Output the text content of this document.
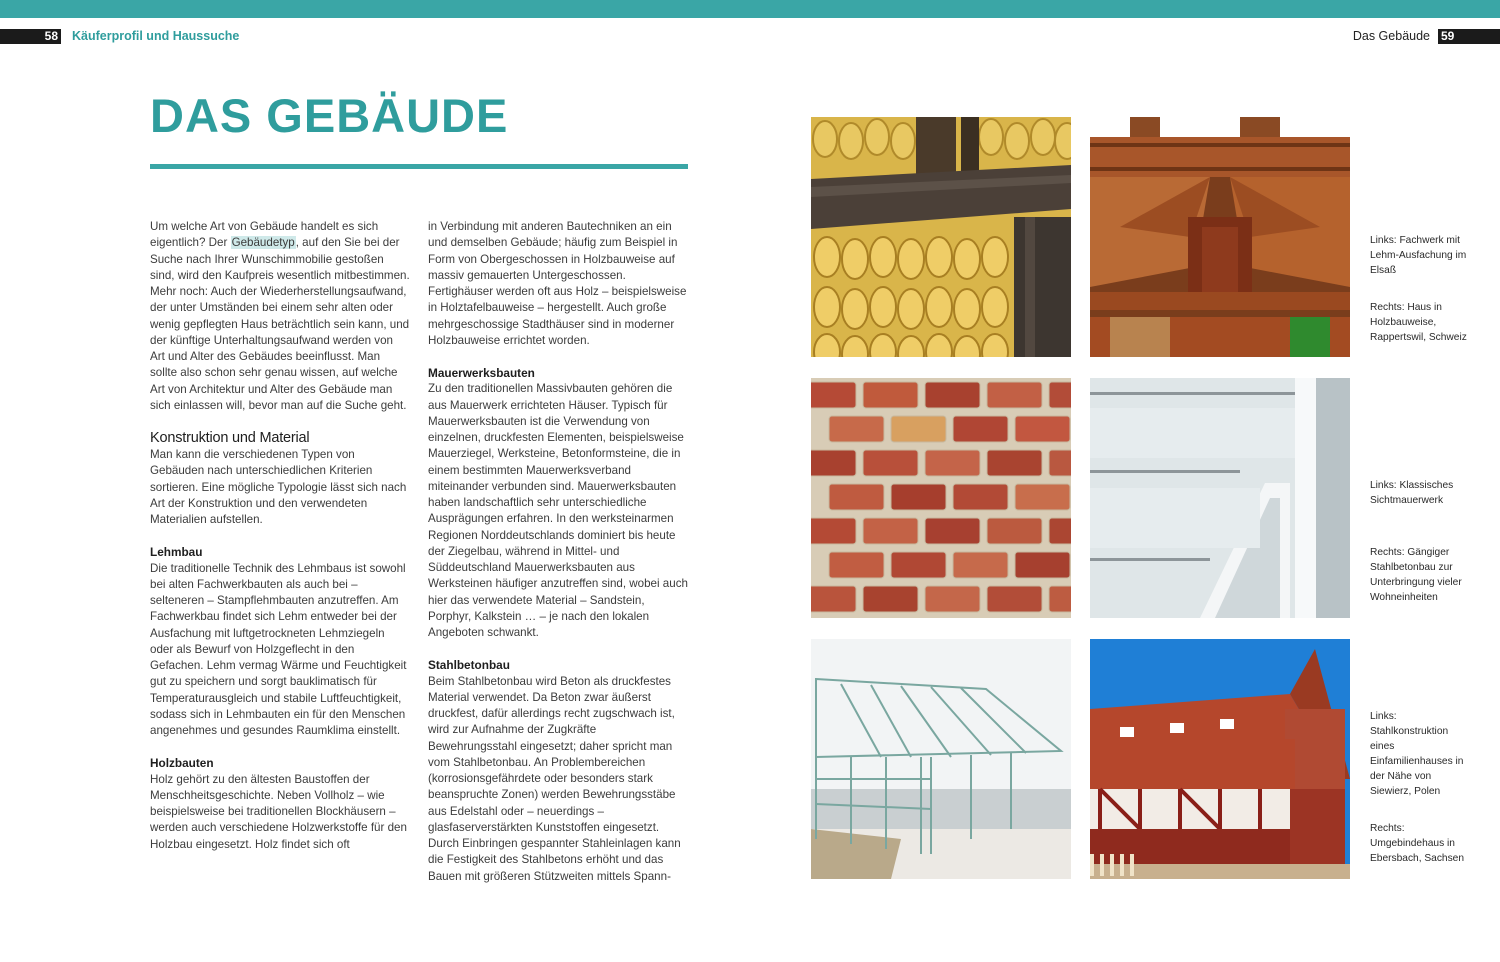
58 Käuferprofil und Haussuche	Das Gebäude 59
DAS GEBÄUDE

Um welche Art von Gebäude handelt es sich eigentlich? Der Gebäudetyp, auf den Sie bei der Suche nach Ihrer Wunschimmobilie gestoßen sind, wird den Kaufpreis wesentlich mitbestimmen. Mehr noch: Auch der Wiederherstellungsaufwand, der unter Umständen bei einem sehr alten oder wenig gepflegten Haus beträchtlich sein kann, und der künftige Unterhaltungsaufwand werden von Art und Alter des Gebäudes beeinflusst. Man sollte also schon sehr genau wissen, auf welche Art von Architektur und Alter des Gebäude man sich einlassen will, bevor man auf die Suche geht.

Konstruktion und Material

Man kann die verschiedenen Typen von Gebäuden nach unterschiedlichen Kriterien sortieren. Eine mögliche Typologie lässt sich nach Art der Konstruktion und den verwendeten Materialien aufstellen.

Lehmbau

Die traditionelle Technik des Lehmbaus ist sowohl bei alten Fachwerkbauten als auch bei – selteneren – Stampflehmbauten anzutreffen. Am Fachwerkbau findet sich Lehm entweder bei der Ausfachung mit luftgetrockneten Lehmziegeln oder als Bewurf von Holzgeflecht in den Gefachen. Lehm vermag Wärme und Feuchtigkeit gut zu speichern und sorgt bauklimatisch für Temperaturausgleich und stabile Luftfeuchtigkeit, sodass sich in Lehmbauten ein für den Menschen angenehmes und gesundes Raumklima einstellt.

Holzbauten

Holz gehört zu den ältesten Baustoffen der Menschheitsgeschichte. Neben Vollholz – wie beispielsweise bei traditionellen Blockhäusern – werden auch verschiedene Holzwerkstoffe für den Holzbau eingesetzt. Holz findet sich oft

in Verbindung mit anderen Bautechniken an ein und demselben Gebäude; häufig zum Beispiel in Form von Obergeschossen in Holzbauweise auf massiv gemauerten Untergeschossen. Fertighäuser werden oft aus Holz – beispielsweise in Holztafelbauweise – hergestellt. Auch große mehrgeschossige Stadthäuser sind in moderner Holzbauweise errichtet worden.

Mauerwerksbauten

Zu den traditionellen Massivbauten gehören die aus Mauerwerk errichteten Häuser. Typisch für Mauerwerksbauten ist die Verwendung von einzelnen, druckfesten Elementen, beispielsweise Mauerziegel, Werksteine, Betonformsteine, die in einem bestimmten Mauerwerksverband miteinander verbunden sind. Mauerwerksbauten haben landschaftlich sehr unterschiedliche Ausprägungen erfahren. In den werksteinarmen Regionen Norddeutschlands dominiert bis heute der Ziegelbau, während in Mittel- und Süddeutschland Mauerwerksbauten aus Werksteinen häufiger anzutreffen sind, wobei auch hier das verwendete Material – Sandstein, Porphyr, Kalkstein … – je nach den lokalen Angeboten schwankt.

Stahlbetonbau

Beim Stahlbetonbau wird Beton als druckfestes Material verwendet. Da Beton zwar äußerst druckfest, dafür allerdings recht zugschwach ist, wird zur Aufnahme der Zugkräfte Bewehrungsstahl eingesetzt; daher spricht man vom Stahlbetonbau. An Problembereichen (korrosionsgefährdete oder besonders stark beanspruchte Zonen) werden Bewehrungsstäbe aus Edelstahl oder – neuerdings – glasfaserverstärkten Kunststoffen eingesetzt. Durch Einbringen gespannter Stahleinlagen kann die Festigkeit des Stahlbetons erhöht und das Bauen mit größeren Stützweiten mittels Spann-

Links: Fachwerk mit Lehm-Ausfachung im Elsaß
Rechts: Haus in Holzbauweise, Rappertswil, Schweiz
Links: Klassisches Sichtmauerwerk
Rechts: Gängiger Stahlbetonbau zur Unterbringung vieler Wohneinheiten
Links: Stahlkonstruktion eines Einfamilienhauses in der Nähe von Siewierz, Polen
Rechts: Umgebindehaus in Ebersbach, Sachsen
